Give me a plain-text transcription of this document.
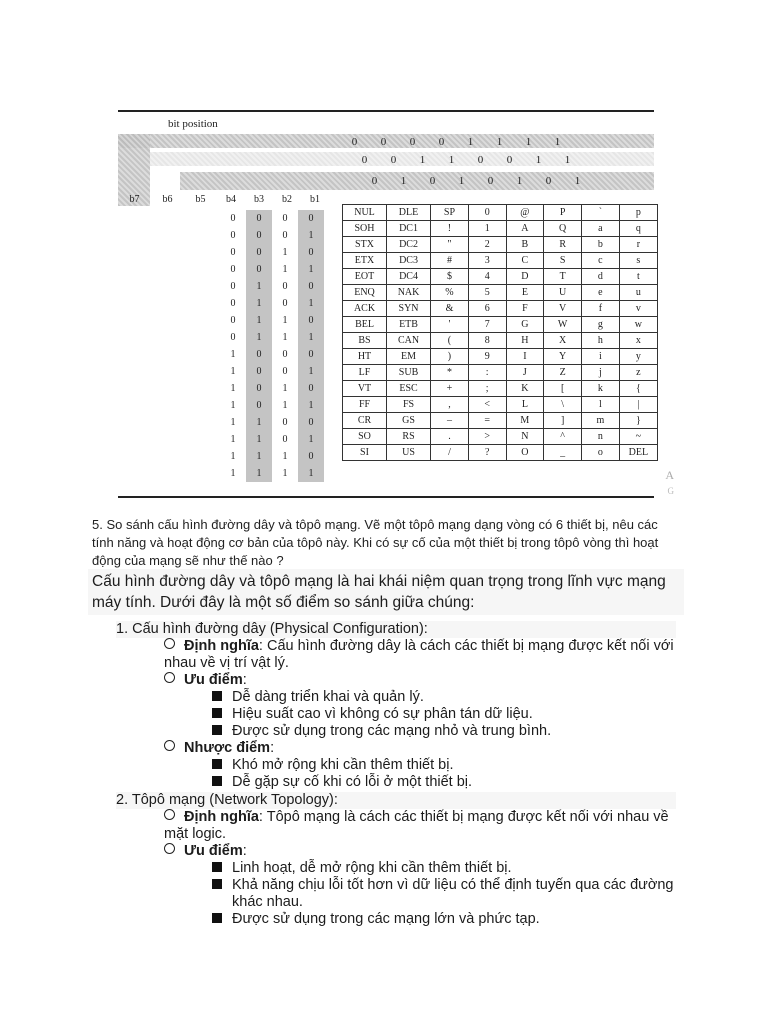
bit position
0	0	0	0	1	1	1	1
0	0	1	1	0	0	1	1
0	1	0	1	0	1	0	1
b7	b6	b5	b4	b3	b2	b1
0	0	0	0
0	0	0	1
0	0	1	0
0	0	1	1
0	1	0	0
0	1	0	1
0	1	1	0
0	1	1	1
1	0	0	0
1	0	0	1
1	0	1	0
1	0	1	1
1	1	0	0
1	1	0	1
1	1	1	0
1	1	1	1
NUL	DLE	SP	0	@	P	`	p
SOH	DC1	!	1	A	Q	a	q
STX	DC2	"	2	B	R	b	r
ETX	DC3	#	3	C	S	c	s
EOT	DC4	$	4	D	T	d	t
ENQ	NAK	%	5	E	U	e	u
ACK	SYN	&	6	F	V	f	v
BEL	ETB	'	7	G	W	g	w
BS	CAN	(	8	H	X	h	x
HT	EM	)	9	I	Y	i	y
LF	SUB	*	:	J	Z	j	z
VT	ESC	+	;	K	[	k	{
FF	FS	,	<	L	\	l	|
CR	GS	–	=	M	]	m	}
SO	RS	.	>	N	^	n	~
SI	US	/	?	O	_	o	DEL
A
G
5. So sánh cấu hình đường dây và tôpô mạng. Vẽ một tôpô mạng dạng vòng có 6 thiết bị, nêu các tính năng và hoạt động cơ bản của tôpô này. Khi có sự cố của một thiết bị trong tôpô vòng thì hoạt động của mạng sẽ như thế nào ?
Cấu hình đường dây và tôpô mạng là hai khái niệm quan trọng trong lĩnh vực mạng máy tính. Dưới đây là một số điểm so sánh giữa chúng:
1. Cấu hình đường dây (Physical Configuration):
Định nghĩa: Cấu hình đường dây là cách các thiết bị mạng được kết nối với nhau về vị trí vật lý.
Ưu điểm:
Dễ dàng triển khai và quản lý.
Hiệu suất cao vì không có sự phân tán dữ liệu.
Được sử dụng trong các mạng nhỏ và trung bình.
Nhược điểm:
Khó mở rộng khi cần thêm thiết bị.
Dễ gặp sự cố khi có lỗi ở một thiết bị.
2. Tôpô mạng (Network Topology):
Định nghĩa: Tôpô mạng là cách các thiết bị mạng được kết nối với nhau về mặt logic.
Ưu điểm:
Linh hoạt, dễ mở rộng khi cần thêm thiết bị.
Khả năng chịu lỗi tốt hơn vì dữ liệu có thể định tuyến qua các đường khác nhau.
Được sử dụng trong các mạng lớn và phức tạp.
